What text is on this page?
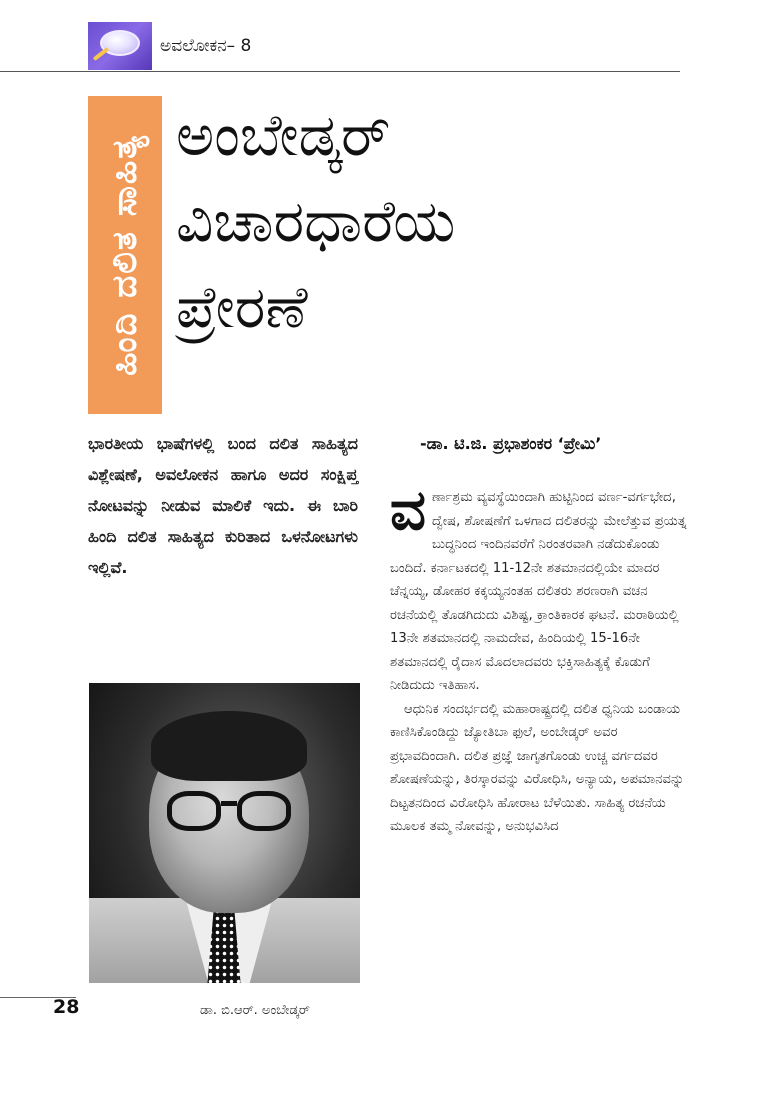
ಅವಲೋಕನ– 8
ಹಿಂದಿ ದಲಿತ ಸಾಹಿತ್ಯ ಅಂಬೇಡ್ಕರ್
ವಿಚಾರಧಾರೆಯ
ಪ್ರೇರಣೆ
ಭಾರತೀಯ ಭಾಷೆಗಳಲ್ಲಿ ಬಂದ ದಲಿತ ಸಾಹಿತ್ಯದ ವಿಶ್ಲೇಷಣೆ, ಅವಲೋಕನ ಹಾಗೂ ಅದರ ಸಂಕ್ಷಿಪ್ತ ನೋಟವನ್ನು ನೀಡುವ ಮಾಲಿಕೆ ಇದು. ಈ ಬಾರಿ ಹಿಂದಿ ದಲಿತ ಸಾಹಿತ್ಯದ ಕುರಿತಾದ ಒಳನೋಟಗಳು ಇಲ್ಲಿವೆ.
-ಡಾ. ಟಿ.ಜಿ. ಪ್ರಭಾಶಂಕರ ‘ಪ್ರೇಮಿ’

ವರ್ಣಾಶ್ರಮ ವ್ಯವಸ್ಥೆಯಿಂದಾಗಿ ಹುಟ್ಟಿನಿಂದ ವರ್ಣ-ವರ್ಗಭೇದ, ದ್ವೇಷ, ಶೋಷಣೆಗೆ ಒಳಗಾದ ದಲಿತರನ್ನು ಮೇಲೆತ್ತುವ ಪ್ರಯತ್ನ ಬುದ್ಧನಿಂದ ಇಂದಿನವರೆಗೆ ನಿರಂತರವಾಗಿ ನಡೆದುಕೊಂಡು ಬಂದಿದೆ. ಕರ್ನಾಟಕದಲ್ಲಿ 11-12ನೇ ಶತಮಾನದಲ್ಲಿಯೇ ಮಾದರ ಚೆನ್ನಯ್ಯ, ಡೋಹರ ಕಕ್ಕಯ್ಯನಂತಹ ದಲಿತರು ಶರಣರಾಗಿ ವಚನ ರಚನೆಯಲ್ಲಿ ತೊಡಗಿದುದು ವಿಶಿಷ್ಟ, ಕ್ರಾಂತಿಕಾರಕ ಘಟನೆ. ಮರಾಠಿಯಲ್ಲಿ 13ನೇ ಶತಮಾನದಲ್ಲಿ ನಾಮದೇವ, ಹಿಂದಿಯಲ್ಲಿ 15-16ನೇ ಶತಮಾನದಲ್ಲಿ ರೈದಾಸ ಮೊದಲಾದವರು ಭಕ್ತಿಸಾಹಿತ್ಯಕ್ಕೆ ಕೊಡುಗೆ ನೀಡಿದುದು ಇತಿಹಾಸ.

ಆಧುನಿಕ ಸಂದರ್ಭದಲ್ಲಿ ಮಹಾರಾಷ್ಟ್ರದಲ್ಲಿ ದಲಿತ ಧ್ವನಿಯ ಬಂಡಾಯ ಕಾಣಿಸಿಕೊಂಡಿದ್ದು ಜ್ಯೋತಿಬಾ ಫುಲೆ, ಅಂಬೇಡ್ಕರ್ ಅವರ ಪ್ರಭಾವದಿಂದಾಗಿ. ದಲಿತ ಪ್ರಜ್ಞೆ ಜಾಗೃತಗೊಂಡು ಉಚ್ಚ ವರ್ಗದವರ ಶೋಷಣೆಯನ್ನು, ತಿರಸ್ಕಾರವನ್ನು ವಿರೋಧಿಸಿ, ಅನ್ಯಾಯ, ಅಪಮಾನವನ್ನು ದಿಟ್ಟತನದಿಂದ ವಿರೋಧಿಸಿ ಹೋರಾಟ ಬೆಳೆಯಿತು. ಸಾಹಿತ್ಯ ರಚನೆಯ ಮೂಲಕ ತಮ್ಮ ನೋವನ್ನು, ಅನುಭವಿಸಿದ

ಡಾ. ಬಿ.ಆರ್. ಅಂಬೇಡ್ಕರ್
28
